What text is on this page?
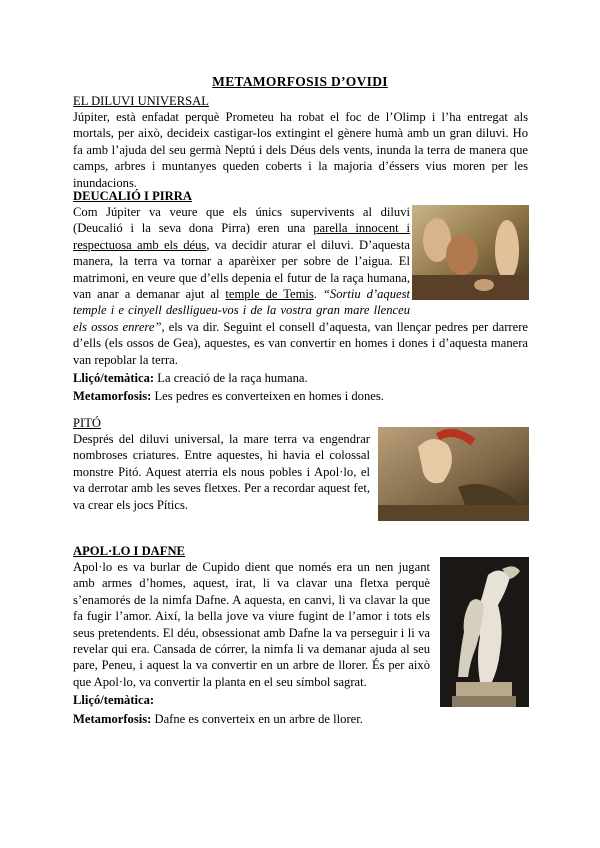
METAMORFOSIS D’OVIDI
EL DILUVI UNIVERSAL

Júpiter, està enfadat perquè Prometeu ha robat el foc de l’Olimp i l’ha entregat als mortals, per això, decideix castigar-los extingint el gènere humà amb un gran diluvi. Ho fa amb l’ajuda del seu germà Neptú i dels Déus dels vents, inunda la terra de manera que camps, arbres i muntanyes queden coberts i la majoria d’éssers vius moren per les inundacions.

DEUCALIÓ I PIRRA

Com Júpiter va veure que els únics supervivents al diluvi (Deucalió i la seva dona Pirra) eren una parella innocent i respectuosa amb els déus, va decidir aturar el diluvi. D’aquesta manera, la terra va tornar a aparèixer per sobre de l’aigua. El matrimoni, en veure que d’ells depenia el futur de la raça humana, van anar a demanar ajut al temple de Temis. “Sortiu d’aquest temple i e cinyell deslligueu-vos i de la vostra gran mare llenceu els ossos enrere”, els va dir. Seguint el consell d’aquesta, van llençar pedres per darrere d’ells (els ossos de Gea), aquestes, es van convertir en homes i dones i d’aquesta manera van repoblar la terra.

Lliçó/temàtica: La creació de la raça humana.

Metamorfosis: Les pedres es converteixen en homes i dones.

PITÓ

Després del diluvi universal, la mare terra va engendrar nombroses criatures. Entre aquestes, hi havia el colossal monstre Pitó. Aquest aterria els nous pobles i Apol·lo, el va derrotar amb les seves fletxes. Per a recordar aquest fet, va crear els jocs Pítics.

APOL·LO I DAFNE

Apol·lo es va burlar de Cupido dient que només era un nen jugant amb armes d’homes, aquest, irat, li va clavar una fletxa perquè s’enamorés de la nimfa Dafne. A aquesta, en canvi, li va clavar la que fa fugir l’amor. Així, la bella jove va viure fugint de l’amor i tots els seus pretendents. El déu, obsessionat amb Dafne la va perseguir i li va revelar qui era. Cansada de córrer, la nimfa li va demanar ajuda al seu pare, Peneu, i aquest la va convertir en un arbre de llorer. És per això que Apol·lo, va convertir la planta en el seu símbol sagrat.

Lliçó/temàtica:

Metamorfosis: Dafne es converteix en un arbre de llorer.
